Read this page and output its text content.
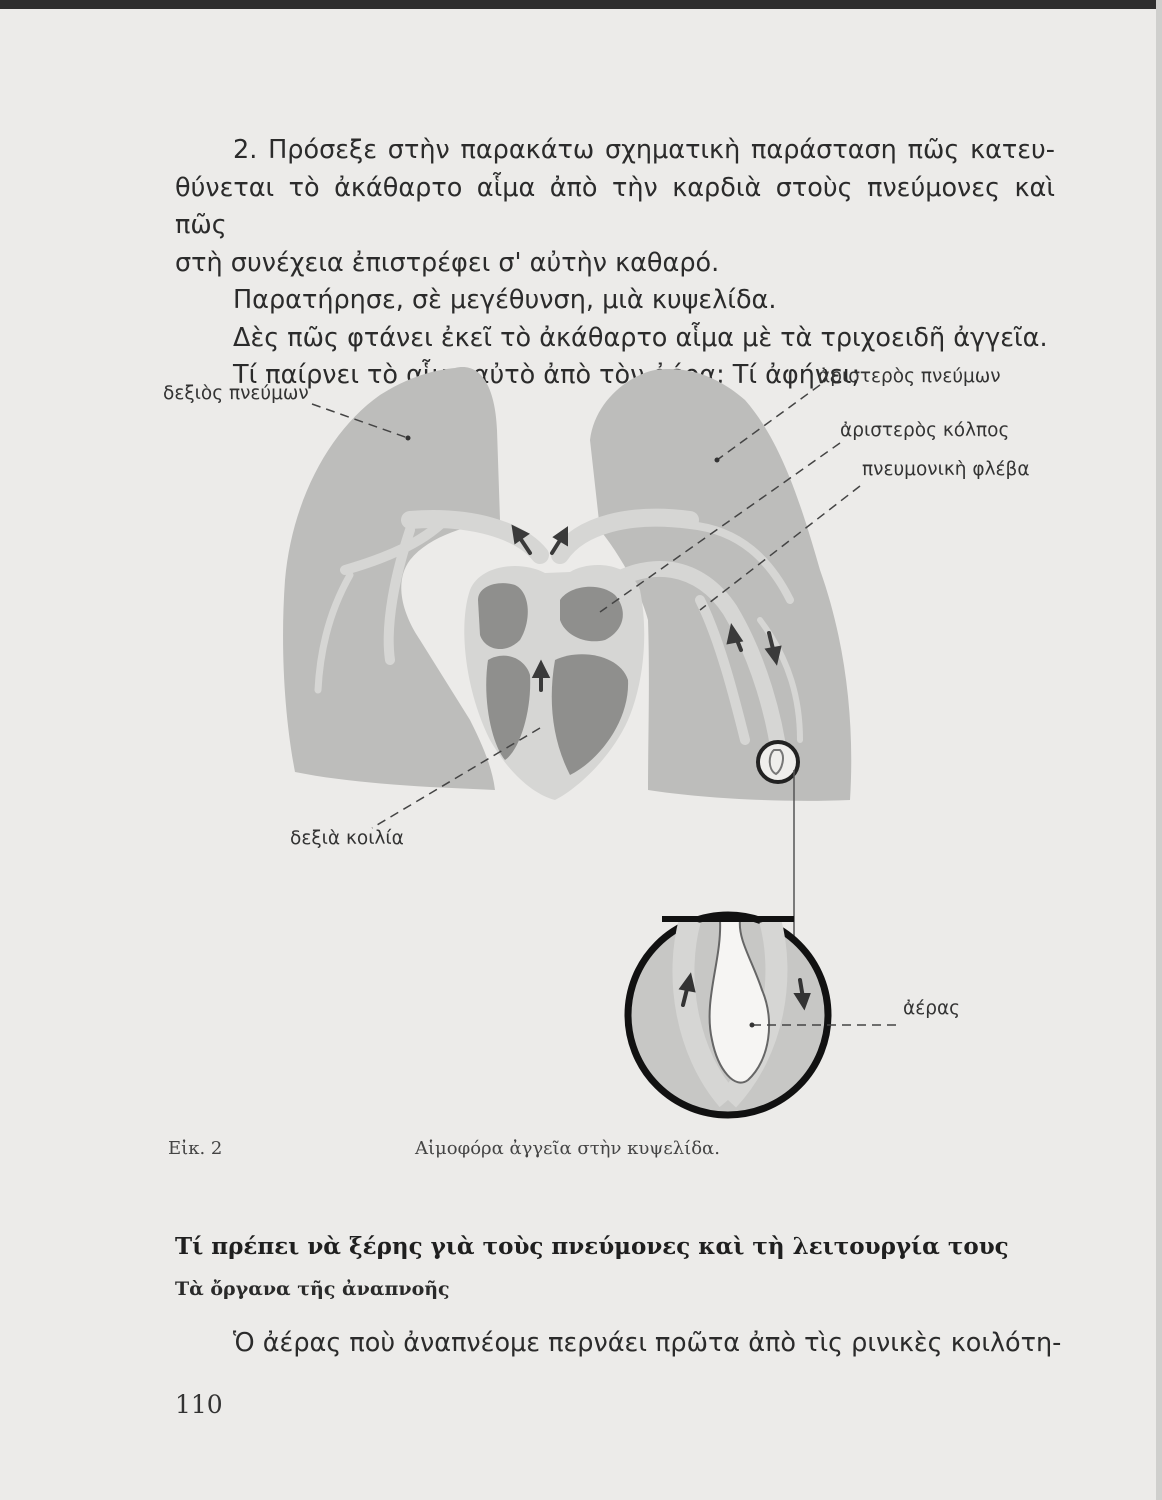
2. Πρόσεξε στὴν παρακάτω σχηματικὴ παράσταση πῶς κατευ-

θύνεται τὸ ἀκάθαρτο αἷμα ἀπὸ τὴν καρδιὰ στοὺς πνεύμονες καὶ πῶς

στὴ συνέχεια ἐπιστρέφει σ' αὐτὴν καθαρό.

Παρατήρησε, σὲ μεγέθυνση, μιὰ κυψελίδα.

Δὲς πῶς φτάνει ἐκεῖ τὸ ἀκάθαρτο αἷμα μὲ τὰ τριχοειδῆ ἀγγεῖα.

Τί παίρνει τὸ αἷμα αὐτὸ ἀπὸ τὸν ἀέρα; Τί ἀφήνει;

δεξιὸς πνεύμων
ἀριστερὸς πνεύμων
ἀριστερὸς κόλπος
πνευμονικὴ φλέβα
δεξιὰ κοιλία
ἀέρας
Εἰκ. 2	Αἱμοφόρα ἀγγεῖα στὴν κυψελίδα.
Τί πρέπει νὰ ξέρης γιὰ τοὺς πνεύμονες καὶ τὴ λειτουργία τους
Τὰ ὄργανα τῆς ἀναπνοῆς
Ὁ ἀέρας ποὺ ἀναπνέομε περνάει πρῶτα ἀπὸ τὶς ρινικὲς κοιλότη-
110
